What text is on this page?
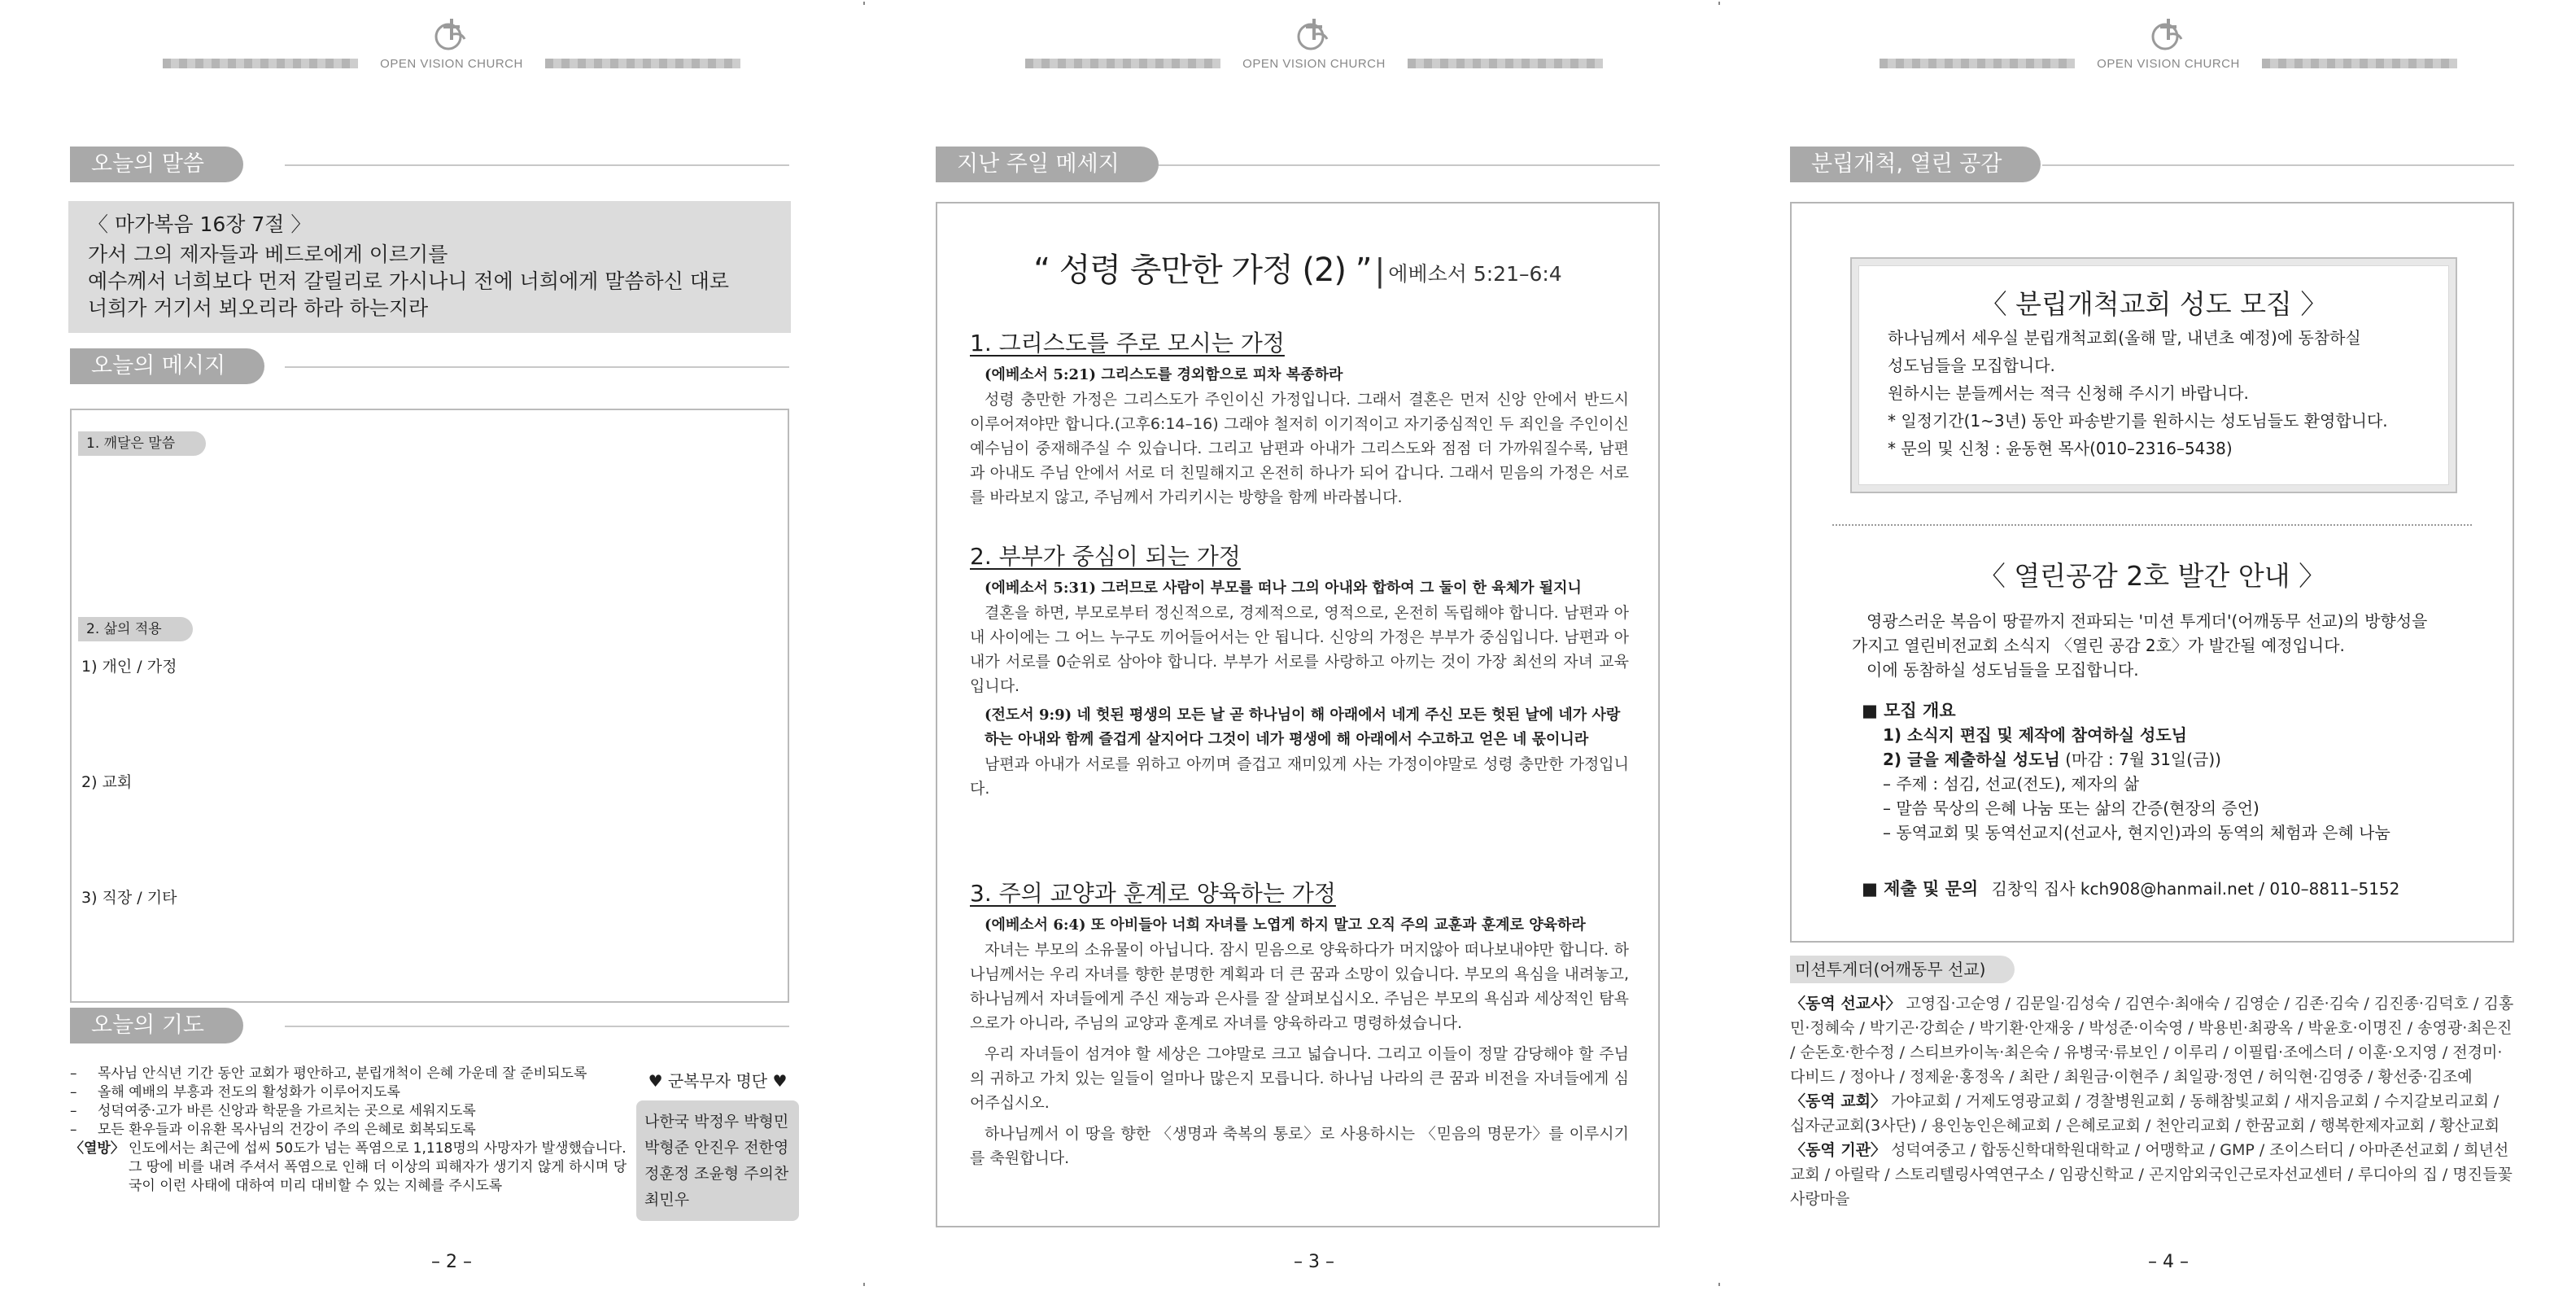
OPEN VISION CHURCH
오늘의 말씀
〈 마가복음 16장 7절 〉
가서 그의 제자들과 베드로에게 이르기를
예수께서 너희보다 먼저 갈릴리로 가시나니 전에 너희에게 말씀하신 대로
너희가 거기서 뵈오리라 하라 하는지라
오늘의 메시지
1. 깨달은 말씀
2. 삶의 적용
1) 개인 / 가정
2) 교회
3) 직장 / 기타
오늘의 기도
– 목사님 안식년 기간 동안 교회가 평안하고, 분립개척이 은혜 가운데 잘 준비되도록
– 올해 예배의 부흥과 전도의 활성화가 이루어지도록
– 성덕여중·고가 바른 신앙과 학문을 가르치는 곳으로 세워지도록
– 모든 환우들과 이유환 목사님의 건강이 주의 은혜로 회복되도록
〈열방〉 인도에서는 최근에 섭씨 50도가 넘는 폭염으로 1,118명의 사망자가 발생했습니다. 그 땅에 비를 내려 주셔서 폭염으로 인해 더 이상의 피해자가 생기지 않게 하시며 당국이 이런 사태에 대하여 미리 대비할 수 있는 지혜를 주시도록
♥ 군복무자 명단 ♥
나한국 박정우 박형민
박형준 안진우 전한영
정훈정 조윤형 주의찬
최민우
– 2 –
OPEN VISION CHURCH
지난 주일 메세지
“ 성령 충만한 가정 (2) ” | 에베소서 5:21–6:4
1. 그리스도를 주로 모시는 가정
(에베소서 5:21) 그리스도를 경외함으로 피차 복종하라

성령 충만한 가정은 그리스도가 주인이신 가정입니다. 그래서 결혼은 먼저 신앙 안에서 반드시 이루어져야만 합니다.(고후6:14–16) 그래야 철저히 이기적이고 자기중심적인 두 죄인을 주인이신 예수님이 중재해주실 수 있습니다. 그리고 남편과 아내가 그리스도와 점점 더 가까워질수록, 남편과 아내도 주님 안에서 서로 더 친밀해지고 온전히 하나가 되어 갑니다. 그래서 믿음의 가정은 서로를 바라보지 않고, 주님께서 가리키시는 방향을 함께 바라봅니다.

2. 부부가 중심이 되는 가정
(에베소서 5:31) 그러므로 사람이 부모를 떠나 그의 아내와 합하여 그 둘이 한 육체가 될지니

결혼을 하면, 부모로부터 정신적으로, 경제적으로, 영적으로, 온전히 독립해야 합니다. 남편과 아내 사이에는 그 어느 누구도 끼어들어서는 안 됩니다. 신앙의 가정은 부부가 중심입니다. 남편과 아내가 서로를 0순위로 삼아야 합니다. 부부가 서로를 사랑하고 아끼는 것이 가장 최선의 자녀 교육입니다.

(전도서 9:9) 네 헛된 평생의 모든 날 곧 하나님이 해 아래에서 네게 주신 모든 헛된 날에 네가 사랑하는 아내와 함께 즐겁게 살지어다 그것이 네가 평생에 해 아래에서 수고하고 얻은 네 몫이니라

남편과 아내가 서로를 위하고 아끼며 즐겁고 재미있게 사는 가정이야말로 성령 충만한 가정입니다.

3. 주의 교양과 훈계로 양육하는 가정
(에베소서 6:4) 또 아비들아 너희 자녀를 노엽게 하지 말고 오직 주의 교훈과 훈계로 양육하라

자녀는 부모의 소유물이 아닙니다. 잠시 믿음으로 양육하다가 머지않아 떠나보내야만 합니다. 하나님께서는 우리 자녀를 향한 분명한 계획과 더 큰 꿈과 소망이 있습니다. 부모의 욕심을 내려놓고, 하나님께서 자녀들에게 주신 재능과 은사를 잘 살펴보십시오. 주님은 부모의 욕심과 세상적인 탐욕으로가 아니라, 주님의 교양과 훈계로 자녀를 양육하라고 명령하셨습니다.

우리 자녀들이 섬겨야 할 세상은 그야말로 크고 넓습니다. 그리고 이들이 정말 감당해야 할 주님의 귀하고 가치 있는 일들이 얼마나 많은지 모릅니다. 하나님 나라의 큰 꿈과 비전을 자녀들에게 심어주십시오.

하나님께서 이 땅을 향한 〈생명과 축복의 통로〉로 사용하시는 〈믿음의 명문가〉를 이루시기를 축원합니다.

– 3 –
OPEN VISION CHURCH
분립개척, 열린 공감
〈 분립개척교회 성도 모집 〉
하나님께서 세우실 분립개척교회(올해 말, 내년초 예정)에 동참하실
성도님들을 모집합니다.
원하시는 분들께서는 적극 신청해 주시기 바랍니다.
* 일정기간(1~3년) 동안 파송받기를 원하시는 성도님들도 환영합니다.
* 문의 및 신청 : 윤동현 목사(010–2316–5438)
〈 열린공감 2호 발간 안내 〉
영광스러운 복음이 땅끝까지 전파되는 '미션 투게더'(어깨동무 선교)의 방향성을
가지고 열린비전교회 소식지 〈열린 공감 2호〉가 발간될 예정입니다.
이에 동참하실 성도님들을 모집합니다.
■ 모집 개요
1) 소식지 편집 및 제작에 참여하실 성도님
2) 글을 제출하실 성도님 (마감 : 7월 31일(금))
– 주제 : 섬김, 선교(전도), 제자의 삶
– 말씀 묵상의 은혜 나눔 또는 삶의 간증(현장의 증언)
– 동역교회 및 동역선교지(선교사, 현지인)과의 동역의 체험과 은혜 나눔
■ 제출 및 문의 김창익 집사 kch908@hanmail.net / 010–8811–5152
미션투게더(어깨동무 선교)
〈동역 선교사〉 고영집·고순영 / 김문일·김성숙 / 김연수·최애숙 / 김영순 / 김존·김숙 / 김진종·김덕호 / 김홍민·정혜숙 / 박기곤·강희순 / 박기환·안재웅 / 박성준·이숙영 / 박용빈·최광옥 / 박윤호·이명진 / 송영광·최은진 / 순돈호·한수정 / 스티브카이녹·최은숙 / 유병국·류보인 / 이루리 / 이필립·조에스더 / 이훈·오지영 / 전경미·다비드 / 정아나 / 정제윤·홍정옥 / 최란 / 최원금·이현주 / 최일광·정연 / 허익현·김영중 / 황선중·김조예
〈동역 교회〉 가야교회 / 거제도영광교회 / 경찰병원교회 / 동해참빛교회 / 새지음교회 / 수지갈보리교회 / 십자군교회(3사단) / 용인농인은혜교회 / 은혜로교회 / 천안리교회 / 한꿈교회 / 행복한제자교회 / 황산교회
〈동역 기관〉 성덕여중고 / 합동신학대학원대학교 / 어맹학교 / GMP / 조이스터디 / 아마존선교회 / 희년선교회 / 아릴락 / 스토리텔링사역연구소 / 임광신학교 / 곤지암외국인근로자선교센터 / 루디아의 집 / 명진들꽃사랑마을
– 4 –
